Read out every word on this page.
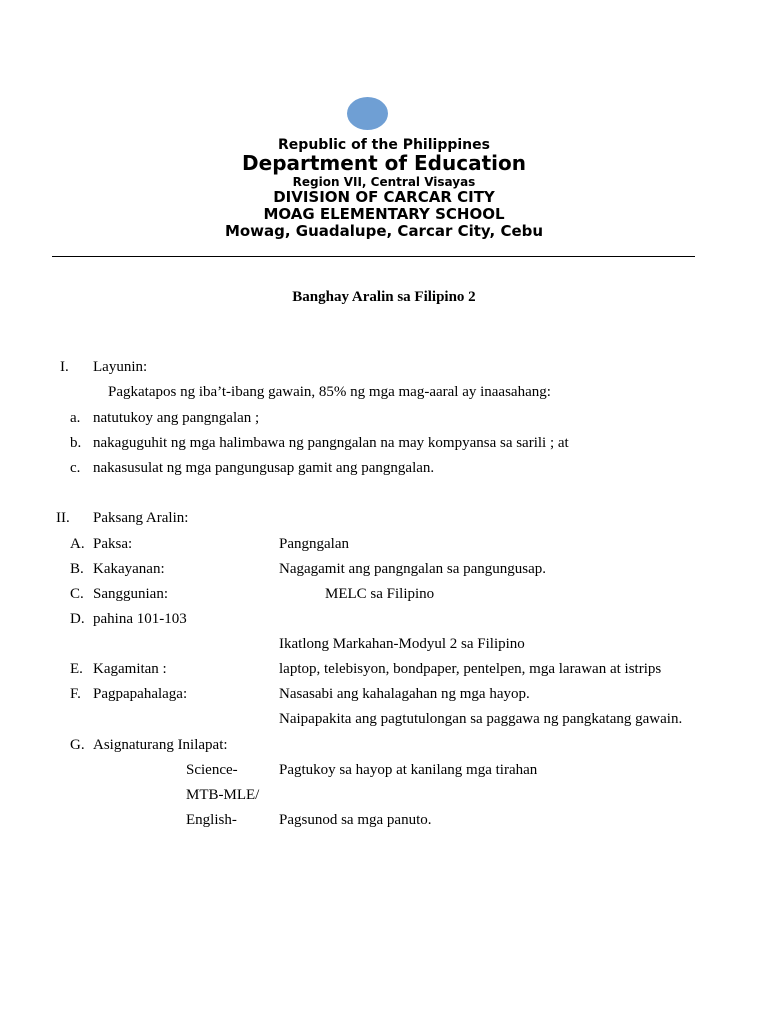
Republic of the Philippines
Department of Education
Region VII, Central Visayas
DIVISION OF CARCAR CITY
MOAG ELEMENTARY SCHOOL
Mowag, Guadalupe, Carcar City, Cebu
Banghay Aralin sa Filipino 2
I. Layunin:
Pagkatapos ng iba’t-ibang gawain, 85% ng mga mag-aaral ay inaasahang:
a. natutukoy ang pangngalan ;
b. nakaguguhit ng mga halimbawa ng pangngalan na may kompyansa sa sarili ; at
c. nakasusulat ng mga pangungusap gamit ang pangngalan.
II. Paksang Aralin:
A. Paksa:	Pangngalan
B. Kakayanan:	Nagagamit ang pangngalan sa pangungusap.
C. Sanggunian:	MELC sa Filipino
D. pahina 101-103
Ikatlong Markahan-Modyul 2 sa Filipino
E. Kagamitan :	laptop, telebisyon, bondpaper, pentelpen, mga larawan at istrips
F. Pagpapahalaga:	Nasasabi ang kahalagahan ng mga hayop.
Naipapakita ang pagtutulongan sa paggawa ng pangkatang gawain.
G. Asignaturang Inilapat:
Science-	Pagtukoy sa hayop at kanilang mga tirahan
MTB-MLE/
English-	Pagsunod sa mga panuto.
